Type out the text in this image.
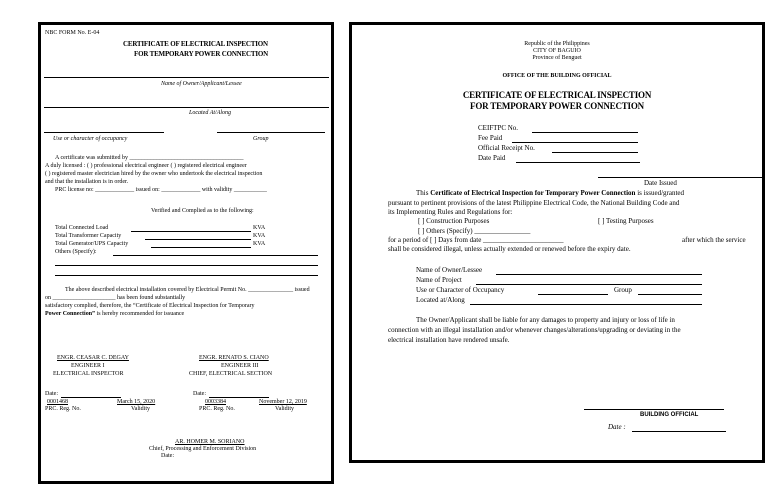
NBC FORM No. E-04
CERTIFICATE OF ELECTRICAL INSPECTION
FOR TEMPORARY POWER CONNECTION
Name of Owner/Applicant/Lessee
Located At/Along
Use or character of occupancy	Group
A certificate was submitted by ______________________________________
A duly licensed : ( ) professional electrical engineer ( ) registered electrical engineer
( ) registered master electrician hired by the owner who undertook the electrical inspection
and that the installation is in order.
PRC license no: _____________ issued on: _____________ with validity ___________
Verified and Complied as to the following:
Total Connected Load	KVA
Total Transformer Capacity	KVA
Total Generator/UPS Capacity	KVA
Others (Specify):
The above described electrical installation covered by Electrical Permit No. _______________ issued
on _____________________ has been found substantially
satisfactory complied, therefore, the “Certificate of Electrical Inspection for Temporary
Power Connection” is hereby recommended for issuance
ENGR. CEASAR C. DEGAY
ENGINEER I
ELECTRICAL INSPECTOR
Date:
0001468	March 15, 2020
PRC. Reg. No.	Validity
ENGR. RENATO S. CIANO
ENGINEER III
CHIEF, ELECTRICAL SECTION
Date:
0003384	November 12, 2019
PRC. Reg. No.	Validity
AR. HOMER M. SORIANO
Chief, Processing and Enforcement Division
Date:
Republic of the Philippines
CITY OF BAGUIO
Province of Benguet
OFFICE OF THE BUILDING OFFICIAL
CERTIFICATE OF ELECTRICAL INSPECTION
FOR TEMPORARY POWER CONNECTION
CEIFTPC No.
Fee Paid
Official Receipt No.
Date Paid
Date Issued
This Certificate of Electrical Inspection for Temporary Power Connection is issued/granted
pursuant to pertinent provisions of the latest Philippine Electrical Code, the National Building Code and
its Implementing Rules and Regulations for:
[ ] Construction Purposes	[ ] Testing Purposes
[ ] Others (Specify) ________________
for a period of [ ] Days from date _______________________	after which the service
shall be considered illegal, unless actually extended or renewed before the expiry date.
Name of Owner/Lessee
Name of Project
Use or Character of Occupancy	Group
Located at/Along
The Owner/Applicant shall be liable for any damages to property and injury or loss of life in
connection with an illegal installation and/or whenever changes/alterations/upgrading or deviating in the
electrical installation have rendered unsafe.
BUILDING OFFICIAL
Date :
